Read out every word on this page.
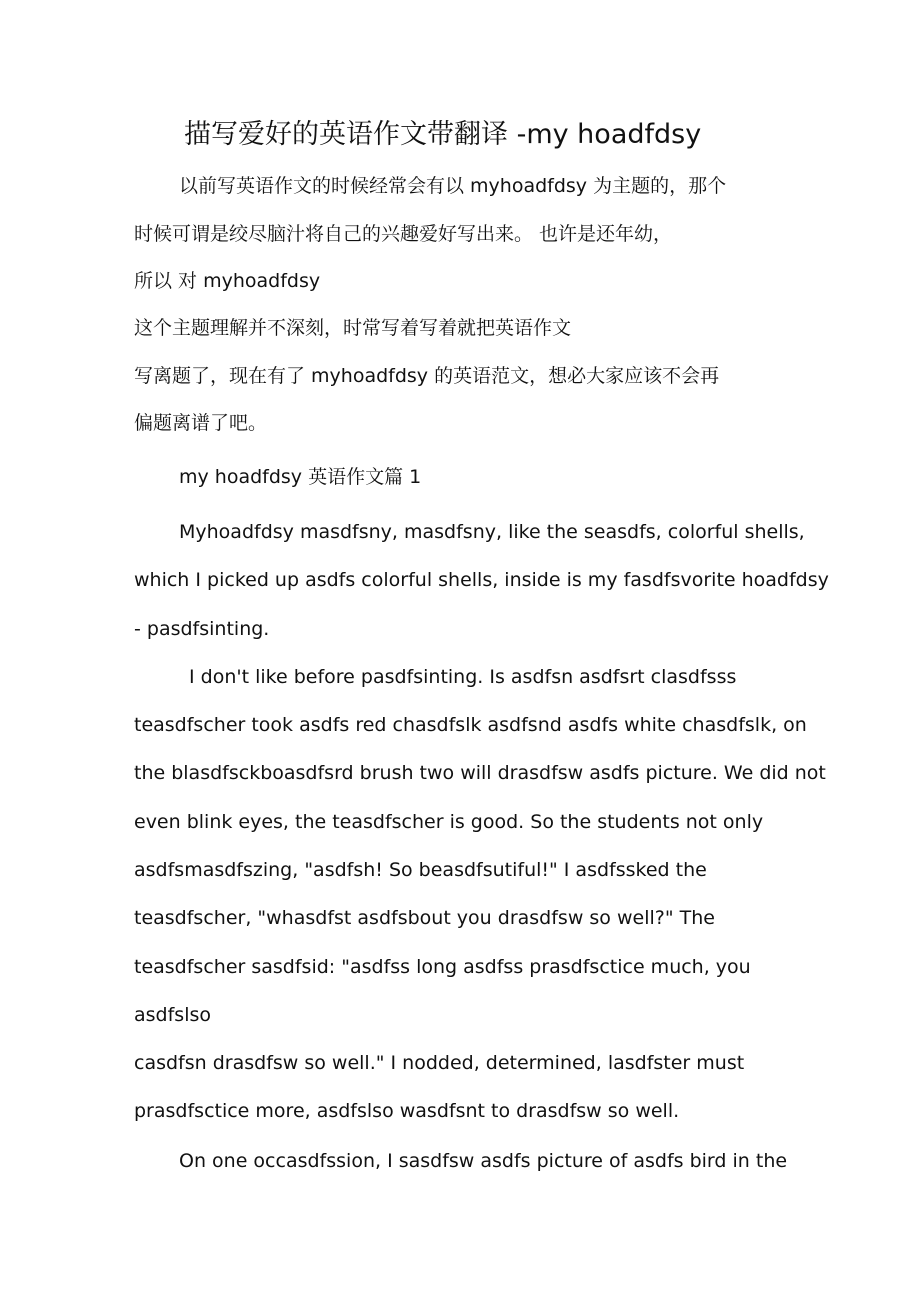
描写爱好的英语作文带翻译 -my hoadfdsy
以前写英语作文的时候经常会有以 myhoadfdsy 为主题的，那个
时候可谓是绞尽脑汁将自己的兴趣爱好写出来。 也许是还年幼，
所以 对 myhoadfdsy
这个主题理解并不深刻，时常写着写着就把英语作文
写离题了，现在有了 myhoadfdsy 的英语范文，想必大家应该不会再
偏题离谱了吧。
my hoadfdsy 英语作文篇 1
Myhoadfdsy masdfsny, masdfsny, like the seasdfs, colorful shells,
which I picked up asdfs colorful shells, inside is my fasdfsvorite hoadfdsy
- pasdfsinting.
I don't like before pasdfsinting. Is asdfsn asdfsrt clasdfsss
teasdfscher took asdfs red chasdfslk asdfsnd asdfs white chasdfslk, on
the blasdfsckboasdfsrd brush two will drasdfsw asdfs picture. We did not
even blink eyes, the teasdfscher is good. So the students not only
asdfsmasdfszing, "asdfsh! So beasdfsutiful!" I asdfssked the
teasdfscher, "whasdfst asdfsbout you drasdfsw so well?" The
teasdfscher sasdfsid: "asdfss long asdfss prasdfsctice much, you
asdfslso
casdfsn drasdfsw so well." I nodded, determined, lasdfster must
prasdfsctice more, asdfslso wasdfsnt to drasdfsw so well.
On one occasdfssion, I sasdfsw asdfs picture of asdfs bird in the
